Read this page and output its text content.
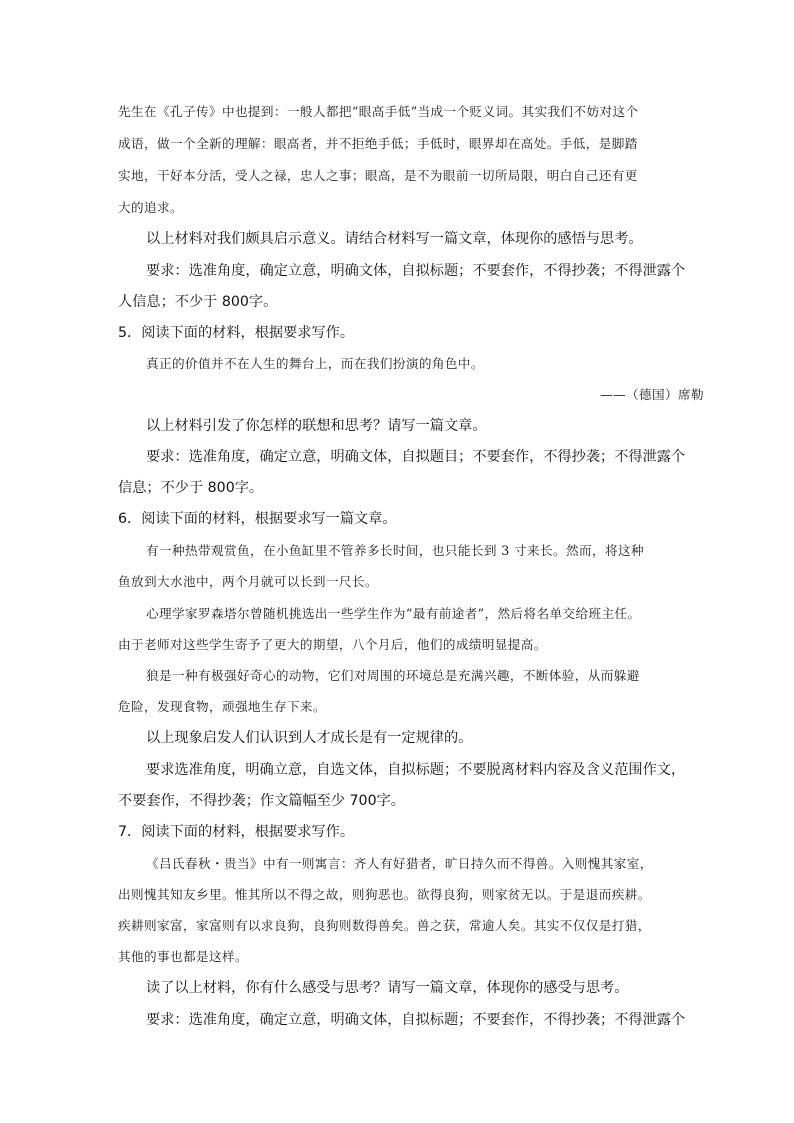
先生在《孔子传》中也提到：一般人都把“眼高手低”当成一个贬义词。其实我们不妨对这个

成语，做一个全新的理解：眼高者，并不拒绝手低；手低时，眼界却在高处。手低，是脚踏

实地，干好本分活，受人之禄，忠人之事；眼高，是不为眼前一切所局限，明白自己还有更

大的追求。

以上材料对我们颇具启示意义。请结合材料写一篇文章，体现你的感悟与思考。

要求：选准角度，确定立意，明确文体，自拟标题；不要套作，不得抄袭；不得泄露个

人信息；不少于 800字。

5．阅读下面的材料，根据要求写作。

真正的价值并不在人生的舞台上，而在我们扮演的角色中。

——（德国）席勒

以上材料引发了你怎样的联想和思考？请写一篇文章。

要求：选准角度，确定立意，明确文体，自拟题目；不要套作，不得抄袭；不得泄露个

信息；不少于 800字。

6．阅读下面的材料，根据要求写一篇文章。

有一种热带观赏鱼，在小鱼缸里不管养多长时间，也只能长到 3 寸来长。然而，将这种

鱼放到大水池中，两个月就可以长到一尺长。

心理学家罗森塔尔曾随机挑选出一些学生作为“最有前途者”，然后将名单交给班主任。

由于老师对这些学生寄予了更大的期望，八个月后，他们的成绩明显提高。

狼是一种有极强好奇心的动物，它们对周围的环境总是充满兴趣，不断体验，从而躲避

危险，发现食物，顽强地生存下来。

以上现象启发人们认识到人才成长是有一定规律的。

要求选准角度，明确立意，自选文体，自拟标题；不要脱离材料内容及含义范围作文，

不要套作，不得抄袭；作文篇幅至少 700字。

7．阅读下面的材料，根据要求写作。

《吕氏春秋・贵当》中有一则寓言：齐人有好猎者，旷日持久而不得兽。入则愧其家室，

出则愧其知友乡里。惟其所以不得之故，则狗恶也。欲得良狗，则家贫无以。于是退而疾耕。

疾耕则家富，家富则有以求良狗，良狗则数得兽矣。兽之获，常逾人矣。其实不仅仅是打猎，

其他的事也都是这样。

读了以上材料，你有什么感受与思考？请写一篇文章，体现你的感受与思考。

要求：选准角度，确定立意，明确文体，自拟标题；不要套作，不得抄袭；不得泄露个
